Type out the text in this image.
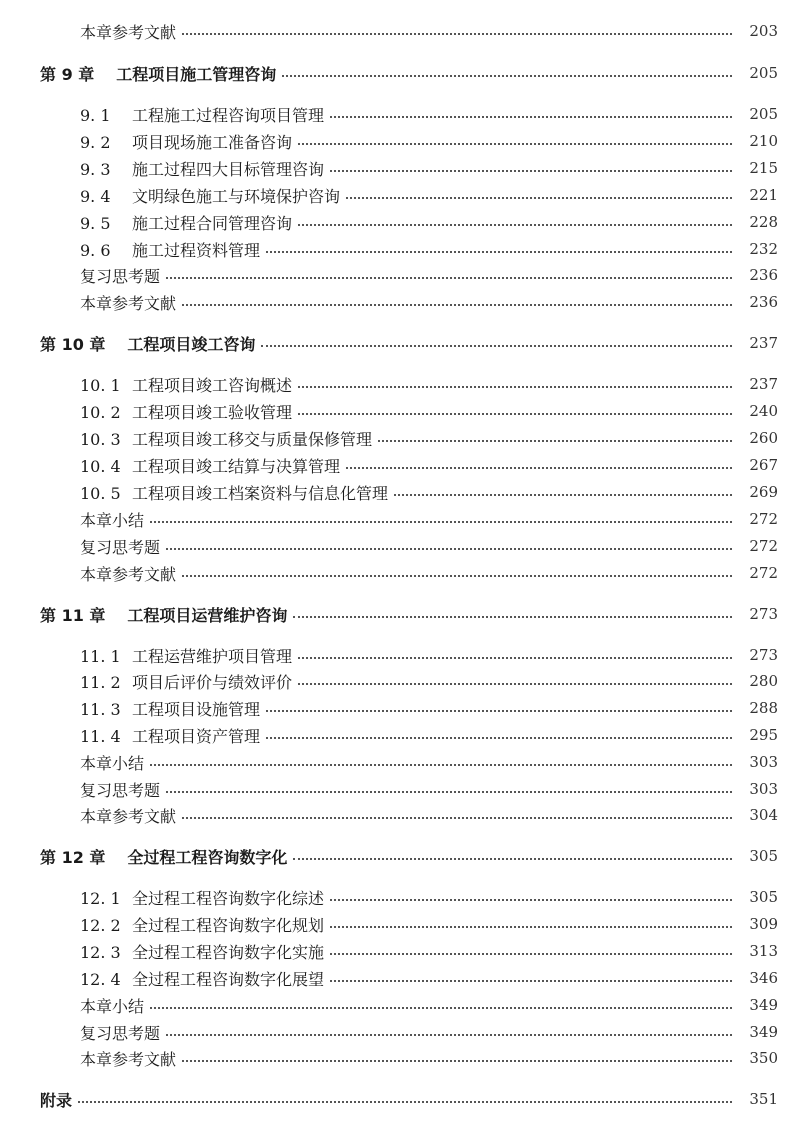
本章参考文献	203
第 9 章 工程项目施工管理咨询	205
9. 1 工程施工过程咨询项目管理	205
9. 2 项目现场施工准备咨询	210
9. 3 施工过程四大目标管理咨询	215
9. 4 文明绿色施工与环境保护咨询	221
9. 5 施工过程合同管理咨询	228
9. 6 施工过程资料管理	232
复习思考题	236
本章参考文献	236
第 10 章 工程项目竣工咨询	237
10. 1 工程项目竣工咨询概述	237
10. 2 工程项目竣工验收管理	240
10. 3 工程项目竣工移交与质量保修管理	260
10. 4 工程项目竣工结算与决算管理	267
10. 5 工程项目竣工档案资料与信息化管理	269
本章小结	272
复习思考题	272
本章参考文献	272
第 11 章 工程项目运营维护咨询	273
11. 1 工程运营维护项目管理	273
11. 2 项目后评价与绩效评价	280
11. 3 工程项目设施管理	288
11. 4 工程项目资产管理	295
本章小结	303
复习思考题	303
本章参考文献	304
第 12 章 全过程工程咨询数字化	305
12. 1 全过程工程咨询数字化综述	305
12. 2 全过程工程咨询数字化规划	309
12. 3 全过程工程咨询数字化实施	313
12. 4 全过程工程咨询数字化展望	346
本章小结	349
复习思考题	349
本章参考文献	350
附录	351
